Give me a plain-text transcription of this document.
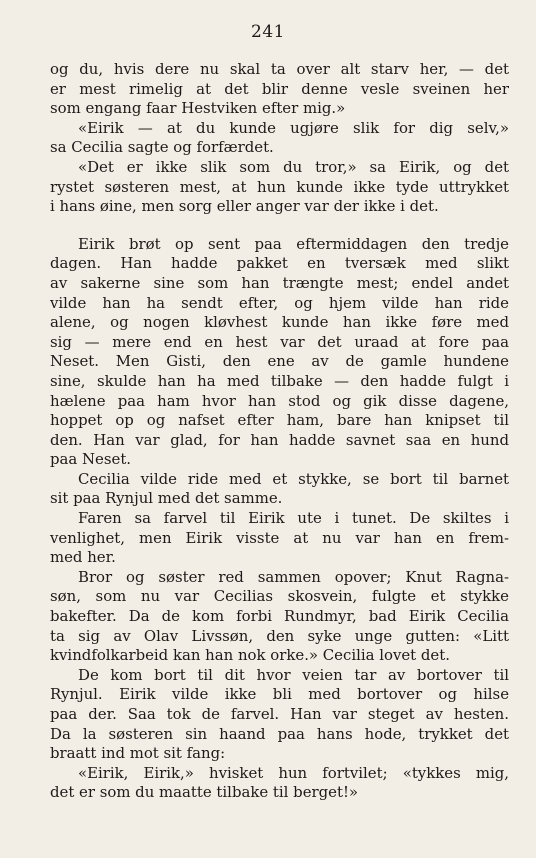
241
og du, hvis dere nu skal ta over alt starv her, — det
er mest rimelig at det blir denne vesle sveinen her
som engang faar Hestviken efter mig.»
«Eirik — at du kunde ugjøre slik for dig selv,»
sa Cecilia sagte og forfærdet.
«Det er ikke slik som du tror,» sa Eirik, og det
rystet søsteren mest, at hun kunde ikke tyde uttrykket
i hans øine, men sorg eller anger var der ikke i det.
Eirik brøt op sent paa eftermiddagen den tredje
dagen. Han hadde pakket en tversæk med slikt
av sakerne sine som han trængte mest; endel andet
vilde han ha sendt efter, og hjem vilde han ride
alene, og nogen kløvhest kunde han ikke føre med
sig — mere end en hest var det uraad at fore paa
Neset. Men Gisti, den ene av de gamle hundene
sine, skulde han ha med tilbake — den hadde fulgt i
hælene paa ham hvor han stod og gik disse dagene,
hoppet op og nafset efter ham, bare han knipset til
den. Han var glad, for han hadde savnet saa en hund
paa Neset.
Cecilia vilde ride med et stykke, se bort til barnet
sit paa Rynjul med det samme.
Faren sa farvel til Eirik ute i tunet. De skiltes i
venlighet, men Eirik visste at nu var han en frem-
med her.
Bror og søster red sammen opover; Knut Ragna-
søn, som nu var Cecilias skosvein, fulgte et stykke
bakefter. Da de kom forbi Rundmyr, bad Eirik Cecilia
ta sig av Olav Livssøn, den syke unge gutten: «Litt
kvindfolkarbeid kan han nok orke.» Cecilia lovet det.
De kom bort til dit hvor veien tar av bortover til
Rynjul. Eirik vilde ikke bli med bortover og hilse
paa der. Saa tok de farvel. Han var steget av hesten.
Da la søsteren sin haand paa hans hode, trykket det
braatt ind mot sit fang:
«Eirik, Eirik,» hvisket hun fortvilet; «tykkes mig,
det er som du maatte tilbake til berget!»
